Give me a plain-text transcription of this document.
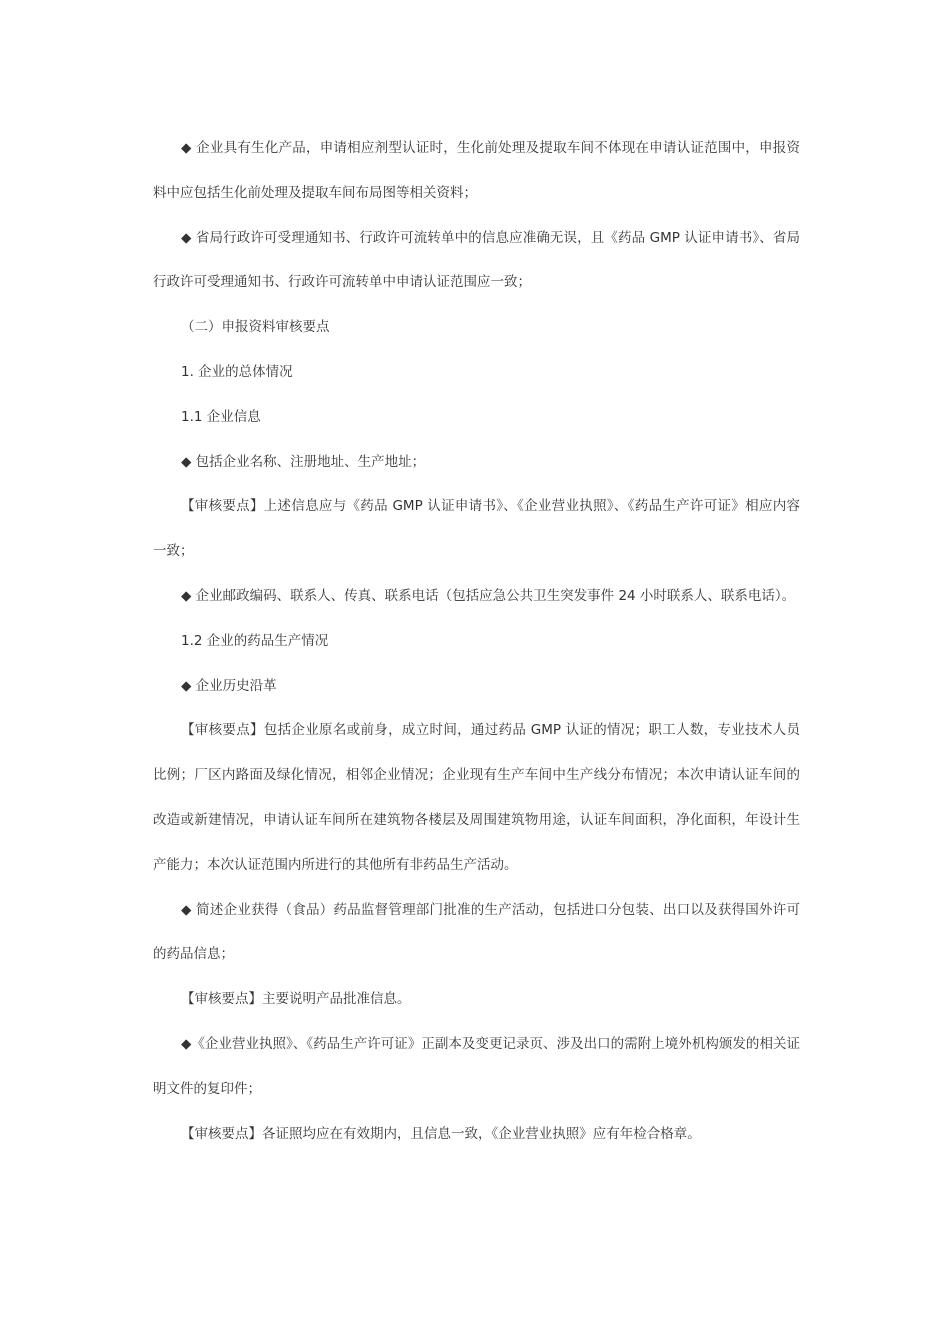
◆ 企业具有生化产品，申请相应剂型认证时，生化前处理及提取车间不体现在申请认证范围中，申报资料中应包括生化前处理及提取车间布局图等相关资料；

◆ 省局行政许可受理通知书、行政许可流转单中的信息应准确无误，且《药品 GMP 认证申请书》、省局行政许可受理通知书、行政许可流转单中申请认证范围应一致；

（二）申报资料审核要点

1. 企业的总体情况

1.1 企业信息

◆ 包括企业名称、注册地址、生产地址；

【审核要点】上述信息应与《药品 GMP 认证申请书》、《企业营业执照》、《药品生产许可证》相应内容一致；

◆ 企业邮政编码、联系人、传真、联系电话（包括应急公共卫生突发事件 24 小时联系人、联系电话）。

1.2 企业的药品生产情况

◆ 企业历史沿革

【审核要点】包括企业原名或前身，成立时间，通过药品 GMP 认证的情况；职工人数，专业技术人员比例；厂区内路面及绿化情况，相邻企业情况；企业现有生产车间中生产线分布情况；本次申请认证车间的改造或新建情况，申请认证车间所在建筑物各楼层及周围建筑物用途，认证车间面积，净化面积，年设计生产能力；本次认证范围内所进行的其他所有非药品生产活动。

◆ 简述企业获得（食品）药品监督管理部门批准的生产活动，包括进口分包装、出口以及获得国外许可的药品信息；

【审核要点】主要说明产品批准信息。

◆《企业营业执照》、《药品生产许可证》正副本及变更记录页、涉及出口的需附上境外机构颁发的相关证明文件的复印件；

【审核要点】各证照均应在有效期内，且信息一致，《企业营业执照》应有年检合格章。
